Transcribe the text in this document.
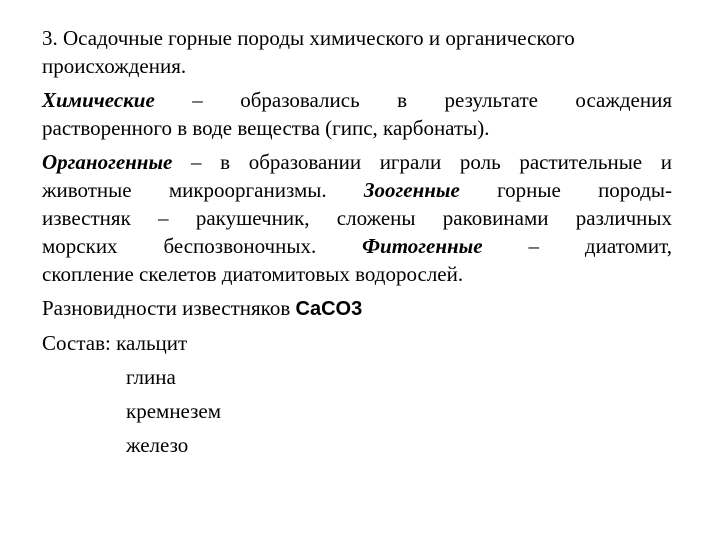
3. Осадочные горные породы химического и органического
происхождения.
Химические – образовались в результате осаждения
растворенного в воде вещества (гипс, карбонаты).
Органогенные – в образовании играли роль растительные и
животные микроорганизмы. Зоогенные горные породы-
известняк – ракушечник, сложены раковинами различных
морских беспозвоночных. Фитогенные – диатомит,
скопление скелетов диатомитовых водорослей.
Разновидности известняков CaCO3
Состав: кальцит
глина
кремнезем
железо
